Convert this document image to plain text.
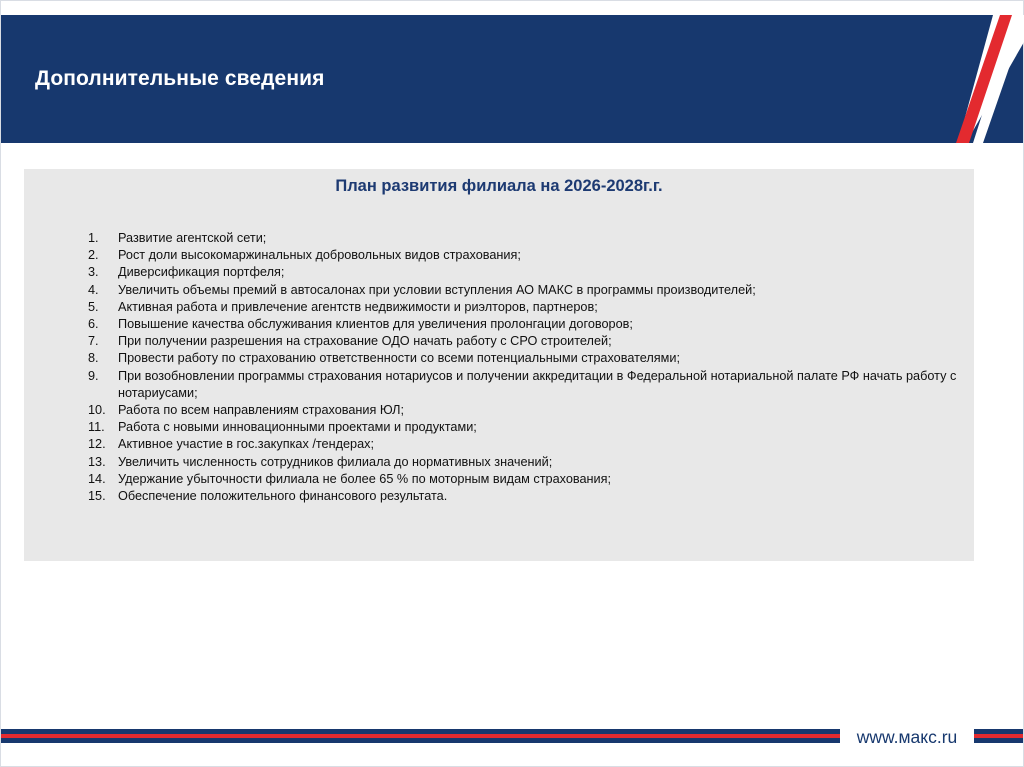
Дополнительные сведения
План развития филиала на 2026-2028г.г.
1.	Развитие агентской сети;
2.	Рост доли высокомаржинальных добровольных видов страхования;
3.	Диверсификация портфеля;
4.	Увеличить объемы премий в автосалонах при условии вступления АО МАКС в программы производителей;
5.	Активная работа и привлечение агентств недвижимости и риэлторов, партнеров;
6.	Повышение качества обслуживания клиентов для увеличения пролонгации договоров;
7.	При получении разрешения на страхование ОДО начать работу с СРО строителей;
8.	Провести работу по страхованию ответственности со всеми потенциальными страхователями;
9.	При возобновлении программы страхования нотариусов и получении аккредитации в Федеральной нотариальной палате РФ начать работу с нотариусами;
10. Работа по всем направлениям страхования ЮЛ;
11.	Работа с новыми инновационными проектами и продуктами;
12. Активное участие в гос.закупках /тендерах;
13. Увеличить численность сотрудников филиала до нормативных значений;
14. Удержание убыточности филиала не более 65 % по моторным видам страхования;
15. Обеспечение положительного финансового результата.
www.макс.ru
